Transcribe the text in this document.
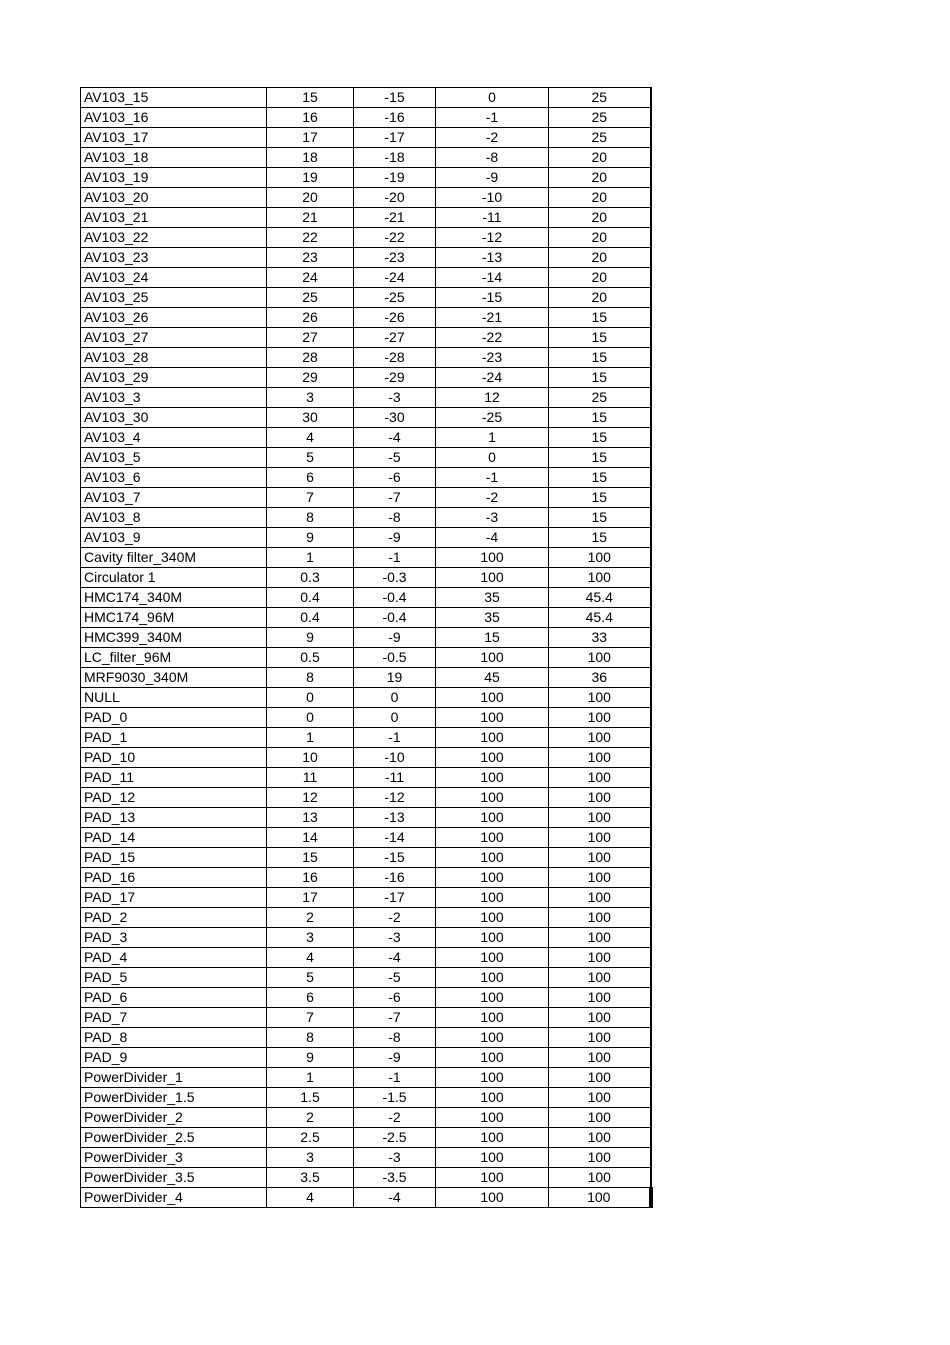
AV103_15	15	-15	0	25
AV103_16	16	-16	-1	25
AV103_17	17	-17	-2	25
AV103_18	18	-18	-8	20
AV103_19	19	-19	-9	20
AV103_20	20	-20	-10	20
AV103_21	21	-21	-11	20
AV103_22	22	-22	-12	20
AV103_23	23	-23	-13	20
AV103_24	24	-24	-14	20
AV103_25	25	-25	-15	20
AV103_26	26	-26	-21	15
AV103_27	27	-27	-22	15
AV103_28	28	-28	-23	15
AV103_29	29	-29	-24	15
AV103_3	3	-3	12	25
AV103_30	30	-30	-25	15
AV103_4	4	-4	1	15
AV103_5	5	-5	0	15
AV103_6	6	-6	-1	15
AV103_7	7	-7	-2	15
AV103_8	8	-8	-3	15
AV103_9	9	-9	-4	15
Cavity filter_340M	1	-1	100	100
Circulator 1	0.3	-0.3	100	100
HMC174_340M	0.4	-0.4	35	45.4
HMC174_96M	0.4	-0.4	35	45.4
HMC399_340M	9	-9	15	33
LC_filter_96M	0.5	-0.5	100	100
MRF9030_340M	8	19	45	36
NULL	0	0	100	100
PAD_0	0	0	100	100
PAD_1	1	-1	100	100
PAD_10	10	-10	100	100
PAD_11	11	-11	100	100
PAD_12	12	-12	100	100
PAD_13	13	-13	100	100
PAD_14	14	-14	100	100
PAD_15	15	-15	100	100
PAD_16	16	-16	100	100
PAD_17	17	-17	100	100
PAD_2	2	-2	100	100
PAD_3	3	-3	100	100
PAD_4	4	-4	100	100
PAD_5	5	-5	100	100
PAD_6	6	-6	100	100
PAD_7	7	-7	100	100
PAD_8	8	-8	100	100
PAD_9	9	-9	100	100
PowerDivider_1	1	-1	100	100
PowerDivider_1.5	1.5	-1.5	100	100
PowerDivider_2	2	-2	100	100
PowerDivider_2.5	2.5	-2.5	100	100
PowerDivider_3	3	-3	100	100
PowerDivider_3.5	3.5	-3.5	100	100
PowerDivider_4	4	-4	100	100
